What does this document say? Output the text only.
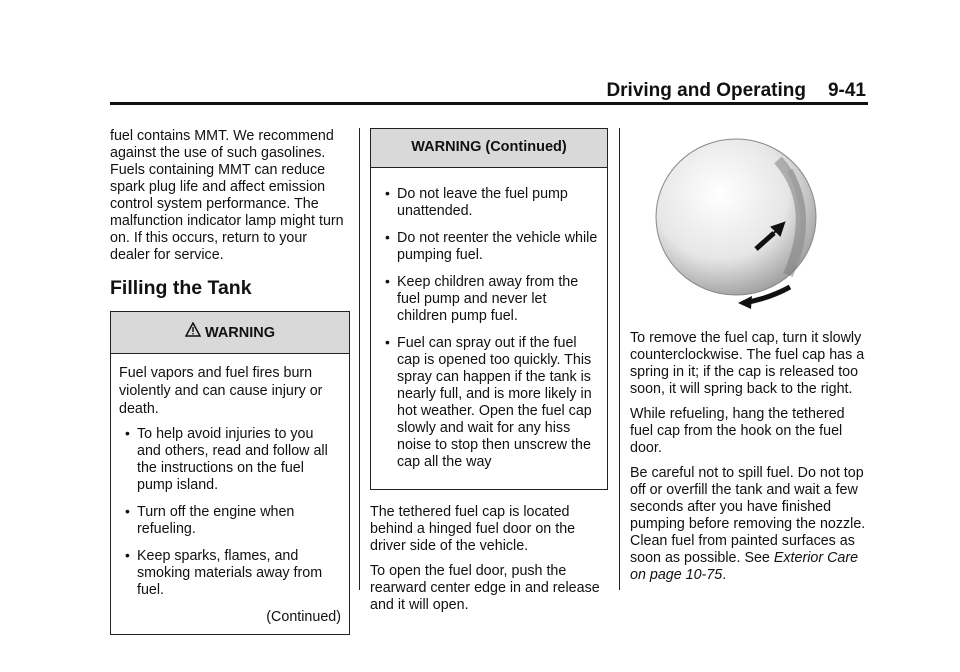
Driving and Operating 9-41

fuel contains MMT. We recommend against the use of such gasolines. Fuels containing MMT can reduce spark plug life and affect emission control system performance. The malfunction indicator lamp might turn on. If this occurs, return to your dealer for service.

Filling the Tank
WARNING

Fuel vapors and fuel fires burn violently and can cause injury or death.

• To help avoid injuries to you and others, read and follow all the instructions on the fuel pump island.
• Turn off the engine when refueling.
• Keep sparks, flames, and smoking materials away from fuel.
(Continued)
WARNING (Continued)
• Do not leave the fuel pump unattended.
• Do not reenter the vehicle while pumping fuel.
• Keep children away from the fuel pump and never let children pump fuel.
• Fuel can spray out if the fuel cap is opened too quickly. This spray can happen if the tank is nearly full, and is more likely in hot weather. Open the fuel cap slowly and wait for any hiss noise to stop then unscrew the cap all the way

The tethered fuel cap is located behind a hinged fuel door on the driver side of the vehicle.

To open the fuel door, push the rearward center edge in and release and it will open.

To remove the fuel cap, turn it slowly counterclockwise. The fuel cap has a spring in it; if the cap is released too soon, it will spring back to the right.

While refueling, hang the tethered fuel cap from the hook on the fuel door.

Be careful not to spill fuel. Do not top off or overfill the tank and wait a few seconds after you have finished pumping before removing the nozzle. Clean fuel from painted surfaces as soon as possible. See Exterior Care on page 10-75.
